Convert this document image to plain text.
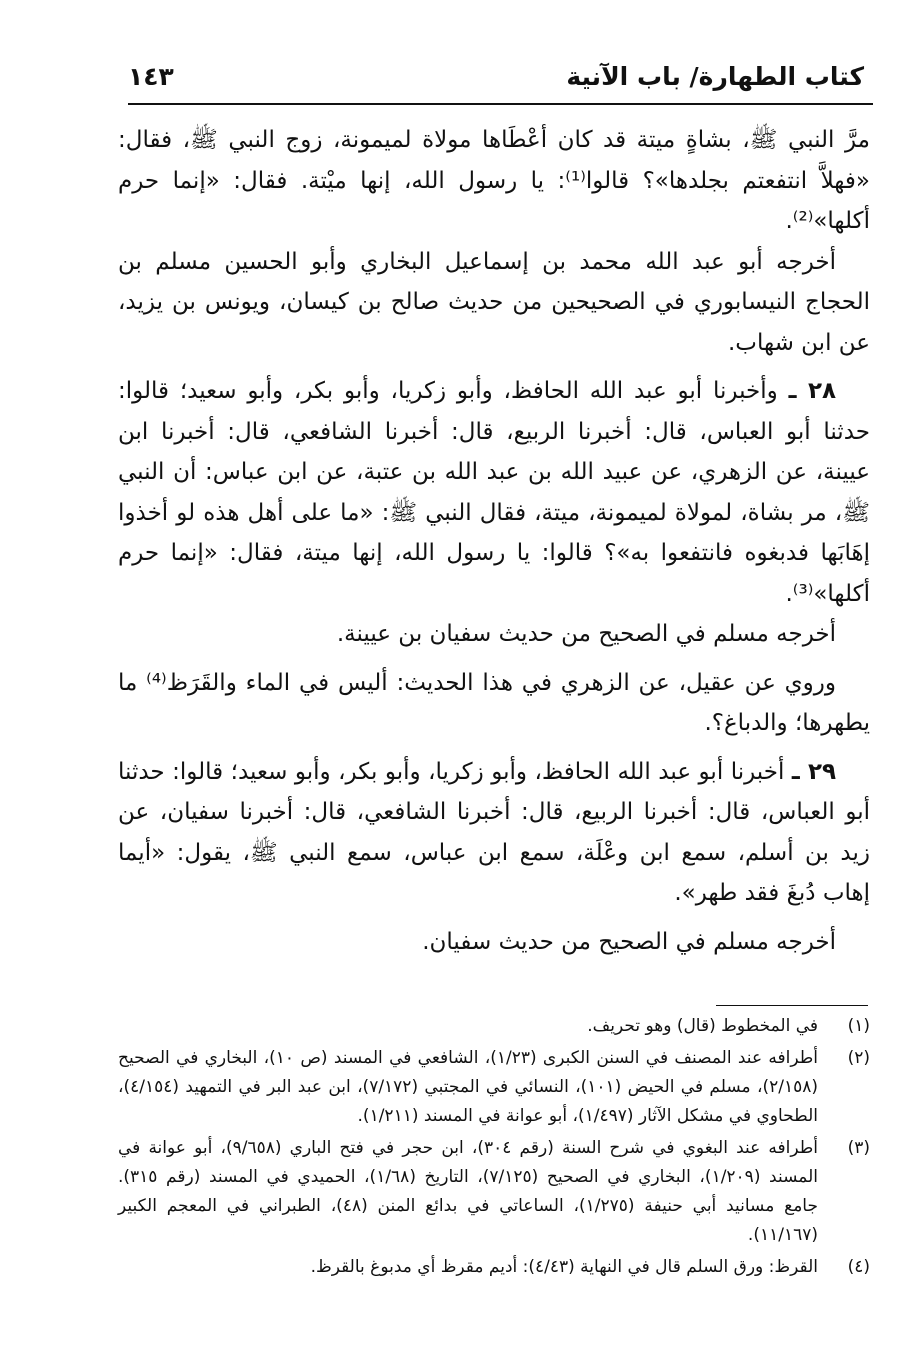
كتاب الطهارة/ باب الآنية
١٤٣

مرَّ النبي ﷺ، بشاةٍ ميتة قد كان أعْطَاها مولاة لميمونة، زوج النبي ﷺ، فقال: «فهلاَّ انتفعتم بجلدها»؟ قالوا⁽¹⁾: يا رسول الله، إنها ميْتة. فقال: «إنما حرم أكلها»⁽²⁾.

أخرجه أبو عبد الله محمد بن إسماعيل البخاري وأبو الحسين مسلم بن الحجاج النيسابوري في الصحيحين من حديث صالح بن كيسان، ويونس بن يزيد، عن ابن شهاب.

٢٨ ـ وأخبرنا أبو عبد الله الحافظ، وأبو زكريا، وأبو بكر، وأبو سعيد؛ قالوا: حدثنا أبو العباس، قال: أخبرنا الربيع، قال: أخبرنا الشافعي، قال: أخبرنا ابن عيينة، عن الزهري، عن عبيد الله بن عبد الله بن عتبة، عن ابن عباس: أن النبي ﷺ، مر بشاة، لمولاة لميمونة، ميتة، فقال النبي ﷺ: «ما على أهل هذه لو أخذوا إهَابَها فدبغوه فانتفعوا به»؟ قالوا: يا رسول الله، إنها ميتة، فقال: «إنما حرم أكلها»⁽³⁾.

أخرجه مسلم في الصحيح من حديث سفيان بن عيينة.

وروي عن عقيل، عن الزهري في هذا الحديث: أليس في الماء والقَرَظ⁽⁴⁾ ما يطهرها؛ والدباغ؟.

٢٩ ـ أخبرنا أبو عبد الله الحافظ، وأبو زكريا، وأبو بكر، وأبو سعيد؛ قالوا: حدثنا أبو العباس، قال: أخبرنا الربيع، قال: أخبرنا الشافعي، قال: أخبرنا سفيان، عن زيد بن أسلم، سمع ابن وعْلَة، سمع ابن عباس، سمع النبي ﷺ، يقول: «أيما إهاب دُبغَ فقد طهر».

أخرجه مسلم في الصحيح من حديث سفيان.

(١)
في المخطوط (قال) وهو تحريف.
(٢)
أطرافه عند المصنف في السنن الكبرى (١/٢٣)، الشافعي في المسند (ص ١٠)، البخاري في الصحيح (٢/١٥٨)، مسلم في الحيض (١٠١)، النسائي في المجتبي (٧/١٧٢)، ابن عبد البر في التمهيد (٤/١٥٤)، الطحاوي في مشكل الآثار (١/٤٩٧)، أبو عوانة في المسند (١/٢١١).
(٣)
أطرافه عند البغوي في شرح السنة (رقم ٣٠٤)، ابن حجر في فتح الباري (٩/٦٥٨)، أبو عوانة في المسند (١/٢٠٩)، البخاري في الصحيح (٧/١٢٥)، التاريخ (١/٦٨)، الحميدي في المسند (رقم ٣١٥). جامع مسانيد أبي حنيفة (١/٢٧٥)، الساعاتي في بدائع المنن (٤٨)، الطبراني في المعجم الكبير (١١/١٦٧).
(٤)
القرظ: ورق السلم قال في النهاية (٤/٤٣): أديم مقرظ أي مدبوغ بالقرظ.
